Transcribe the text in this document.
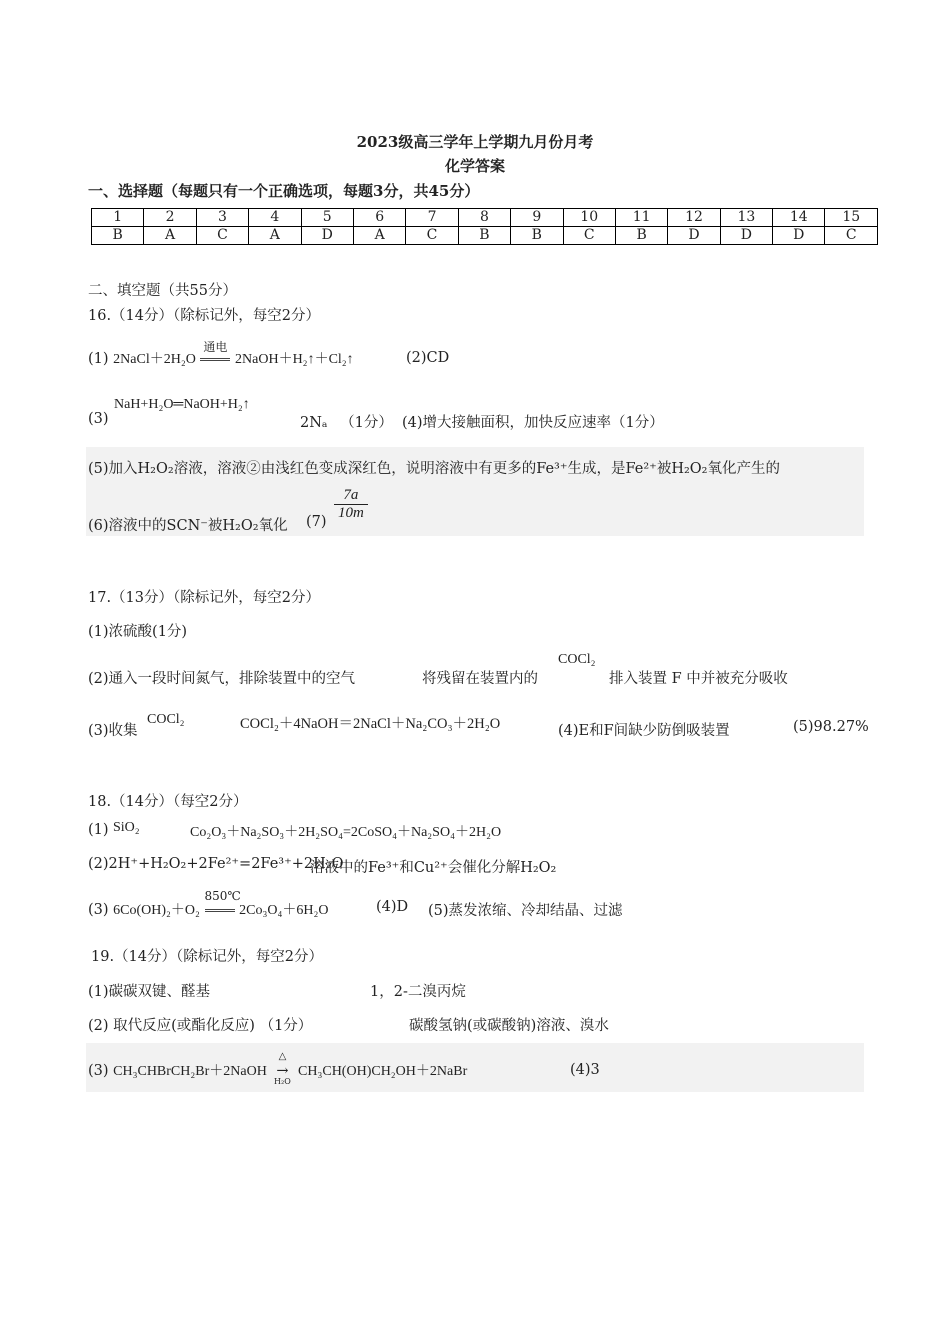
2023级高三学年上学期九月份月考
化学答案
一、选择题（每题只有一个正确选项，每题3分，共45分）
1	2	3	4	5	6	7	8	9	10	11	12	13	14	15
B	A	C	A	D	A	C	B	B	C	B	D	D	D	C
二、填空题（共55分）
16.（14分）（除标记外，每空2分）
(1) 2NaCl＋2H₂O
通电
2NaOH＋H₂↑＋Cl₂↑	(2)CD
(3)
NaH+H₂O═NaOH+H₂↑
2Nₐ （1分） (4)增大接触面积，加快反应速率（1分）
(5)加入H₂O₂溶液，溶液②由浅红色变成深红色，说明溶液中有更多的Fe³⁺生成，是Fe²⁺被H₂O₂氧化产生的
(6)溶液中的SCN⁻被H₂O₂氧化 $(7) \frac{7a}{10m}$
17.（13分）（除标记外，每空2分）
(1)浓硫酸(1分)
(2)通入一段时间氮气，排除装置中的空气	将残留在装置内的
COCl₂
排入装置 F 中并被充分吸收
(3)收集
COCl₂	COCl₂＋4NaOH＝2NaCl＋Na₂CO₃＋2H₂O	(4)E和F间缺少防倒吸装置	(5)98.27%
18.（14分）（每空2分）
(1) SiO₂	Co₂O₃＋Na₂SO₃＋2H₂SO₄=2CoSO₄＋Na₂SO₄＋2H₂O
(2)2H⁺+H₂O₂+2Fe²⁺=2Fe³⁺+2H₂O
溶液中的Fe³⁺和Cu²⁺会催化分解H₂O₂
(3) 6Co(OH)₂＋O₂
850℃
2Co₃O₄＋6H₂O	(4)D (5)蒸发浓缩、冷却结晶、过滤
19.（14分）（除标记外，每空2分）
(1)碳碳双键、醛基	1，2-二溴丙烷
(2) 取代反应(或酯化反应) （1分）	碳酸氢钠(或碳酸钠)溶液、溴水
(3) CH₃CHBrCH₂Br＋2NaOH
△
→
H₂O
CH₃CH(OH)CH₂OH＋2NaBr	(4)3
